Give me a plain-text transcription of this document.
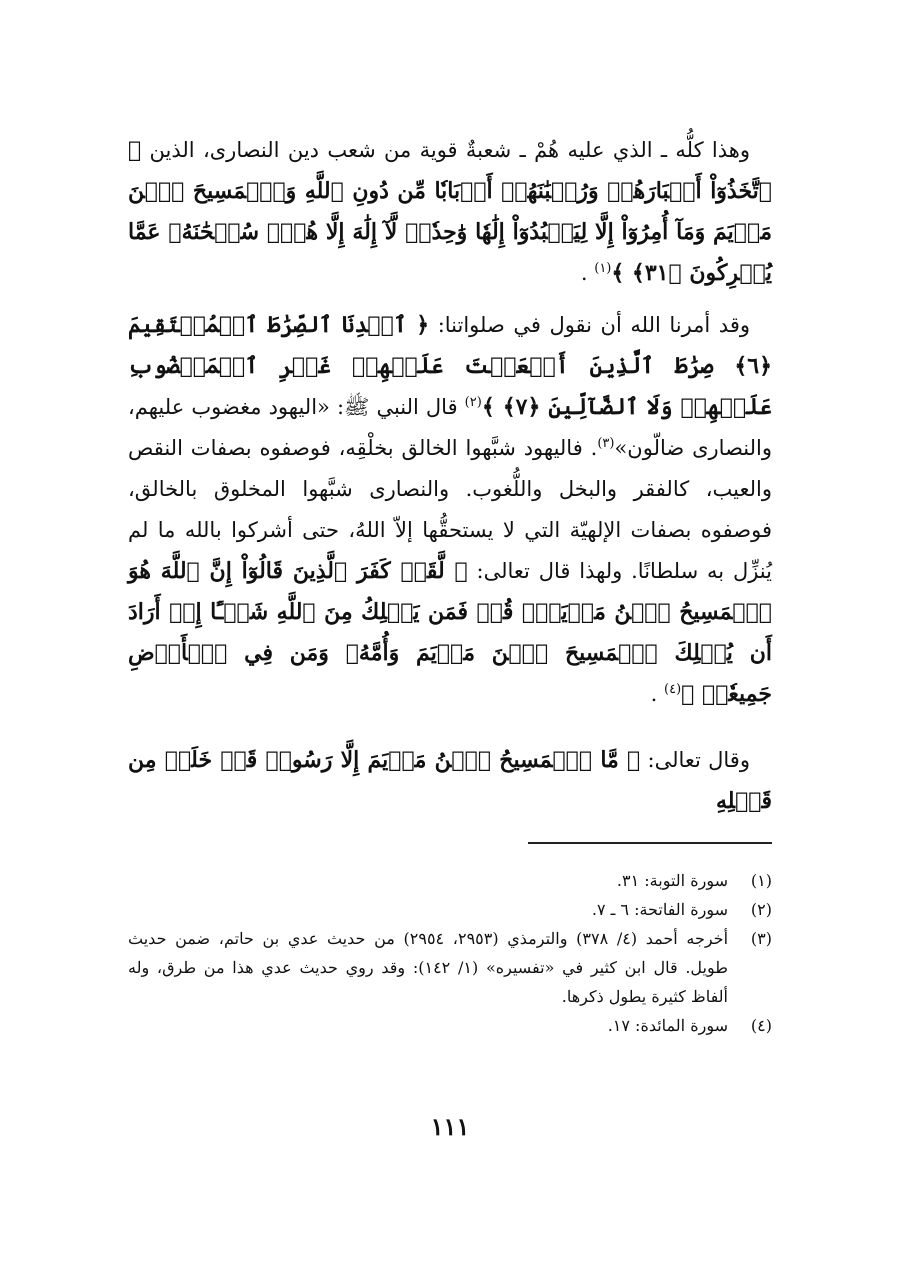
وهذا كلُّه ـ الذي عليه هُمْ ـ شعبةٌ قوية من شعب دين النصارى، الذين ﴿ ٱتَّخَذُوٓاْ أَحۡبَارَهُمۡ وَرُهۡبَٰنَهُمۡ أَرۡبَابٗا مِّن دُونِ ٱللَّهِ وَٱلۡمَسِيحَ ٱبۡنَ مَرۡيَمَ وَمَآ أُمِرُوٓاْ إِلَّا لِيَعۡبُدُوٓاْ إِلَٰهٗا وَٰحِدٗاۖ لَّآ إِلَٰهَ إِلَّا هُوَۚ سُبۡحَٰنَهُۥ عَمَّا يُشۡرِكُونَ ﴿٣١﴾ ﴾$^{(١)}$ .

وقد أمرنا الله أن نقول في صلواتنا: ﴿ ٱهۡدِنَا ٱلصِّرَٰطَ ٱلۡمُسۡتَقِيمَ ﴿٦﴾ صِرَٰطَ ٱلَّذِينَ أَنۡعَمۡتَ عَلَيۡهِمۡ غَيۡرِ ٱلۡمَغۡضُوبِ عَلَيۡهِمۡ وَلَا ٱلضَّآلِّينَ ﴿٧﴾ ﴾$^{(٢)}$ قال النبي ﷺ: «اليهود مغضوب عليهم، والنصارى ضالّون»$^{(٣)}$. فاليهود شبَّهوا الخالق بخلْقِه، فوصفوه بصفات النقص والعيب، كالفقر والبخل واللُّغوب. والنصارى شبَّهوا المخلوق بالخالق، فوصفوه بصفات الإلهيّة التي لا يستحقُّها إلاّ اللهُ، حتى أشركوا بالله ما لم يُنزِّل به سلطانًا. ولهذا قال تعالى: ﴿ لَّقَدۡ كَفَرَ ٱلَّذِينَ قَالُوٓاْ إِنَّ ٱللَّهَ هُوَ ٱلۡمَسِيحُ ٱبۡنُ مَرۡيَمَۚ قُلۡ فَمَن يَمۡلِكُ مِنَ ٱللَّهِ شَيۡـًٔا إِنۡ أَرَادَ أَن يُهۡلِكَ ٱلۡمَسِيحَ ٱبۡنَ مَرۡيَمَ وَأُمَّهُۥ وَمَن فِي ٱلۡأَرۡضِ جَمِيعٗاۗ ﴾$^{(٤)}$ .

وقال تعالى: ﴿ مَّا ٱلۡمَسِيحُ ٱبۡنُ مَرۡيَمَ إِلَّا رَسُولٞ قَدۡ خَلَتۡ مِن قَبۡلِهِ

(١)
سورة التوبة: ٣١.
(٢)
سورة الفاتحة: ٦ ـ ٧.
(٣)
أخرجه أحمد (٤/ ٣٧٨) والترمذي (٢٩٥٣، ٢٩٥٤) من حديث عدي بن حاتم، ضمن حديث طويل. قال ابن كثير في «تفسيره» (١/ ١٤٢): وقد روي حديث عدي هذا من طرق، وله ألفاظ كثيرة يطول ذكرها.
(٤)
سورة المائدة: ١٧.
١١١
